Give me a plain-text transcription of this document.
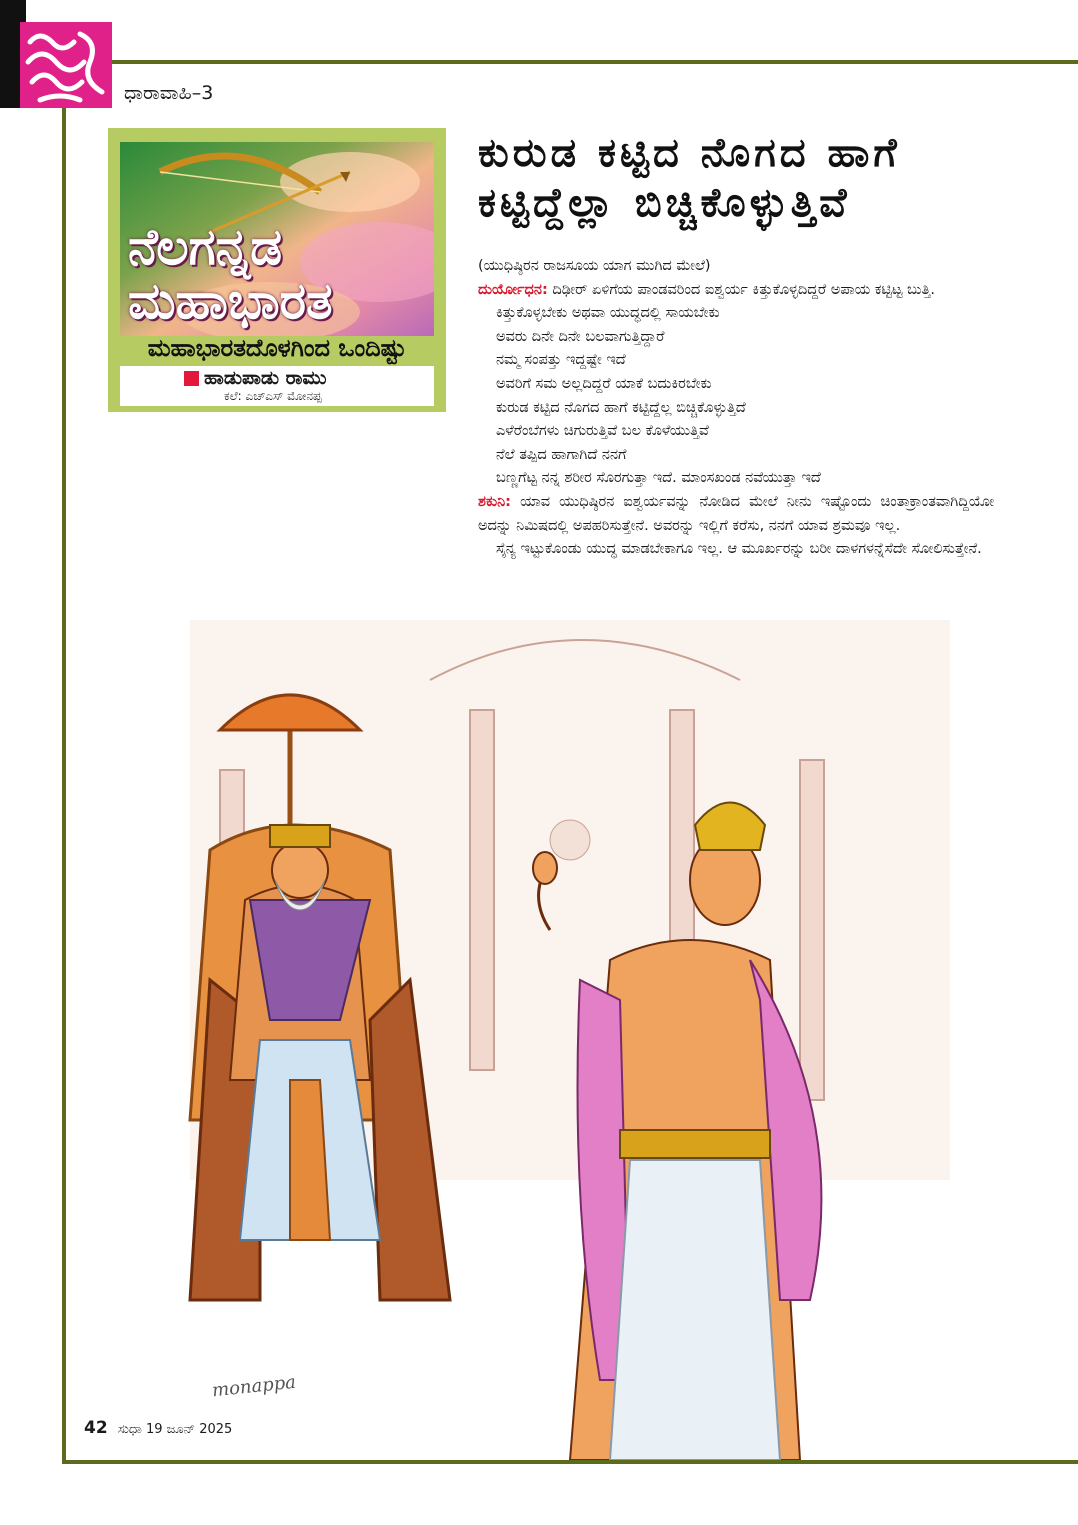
ಧಾರಾವಾಹಿ–3
ನೆಲಗನ್ನಡ
ಮಹಾಭಾರತ
ಮಹಾಭಾರತದೊಳಗಿಂದ ಒಂದಿಷ್ಟು
ಹಾಡುಪಾಡು ರಾಮು
ಕಲೆ: ಎಚ್‌ಎಸ್ ಮೋನಪ್ಪ
ಕುರುಡ ಕಟ್ಟಿದ ನೊಗದ ಹಾಗೆ
ಕಟ್ಟಿದ್ದೆಲ್ಲಾ ಬಿಚ್ಚಿಕೊಳ್ಳುತ್ತಿವೆ

(ಯುಧಿಷ್ಠಿರನ ರಾಜಸೂಯ ಯಾಗ ಮುಗಿದ ಮೇಲೆ)

ದುರ್ಯೋಧನ: ದಿಢೀರ್ ಏಳಿಗೆಯ ಪಾಂಡವರಿಂದ ಐಶ್ವರ್ಯ ಕಿತ್ತುಕೊಳ್ಳದಿದ್ದರೆ ಅಪಾಯ ಕಟ್ಟಿಟ್ಟ ಬುತ್ತಿ.

ಕಿತ್ತುಕೊಳ್ಳಬೇಕು ಅಥವಾ ಯುದ್ಧದಲ್ಲಿ ಸಾಯಬೇಕು

ಅವರು ದಿನೇ ದಿನೇ ಬಲವಾಗುತ್ತಿದ್ದಾರೆ

ನಮ್ಮ ಸಂಪತ್ತು ಇದ್ದಷ್ಟೇ ಇದೆ

ಅವರಿಗೆ ಸಮ ಅಲ್ಲದಿದ್ದರೆ ಯಾಕೆ ಬದುಕಿರಬೇಕು

ಕುರುಡ ಕಟ್ಟಿದ ನೊಗದ ಹಾಗೆ ಕಟ್ಟಿದ್ದೆಲ್ಲ ಬಿಚ್ಚಿಕೊಳ್ಳುತ್ತಿದೆ

ಎಳೆರೆಂಬೆಗಳು ಚಿಗುರುತ್ತಿವೆ ಬಲ ಕೊಳೆಯುತ್ತಿವೆ

ನೆಲೆ ತಪ್ಪಿದ ಹಾಗಾಗಿದೆ ನನಗೆ

ಬಣ್ಣಗೆಟ್ಟ ನನ್ನ ಶರೀರ ಸೊರಗುತ್ತಾ ಇದೆ. ಮಾಂಸಖಂಡ ನವೆಯುತ್ತಾ ಇದೆ

ಶಕುನಿ: ಯಾವ ಯುಧಿಷ್ಠಿರನ ಐಶ್ವರ್ಯವನ್ನು ನೋಡಿದ ಮೇಲೆ ನೀನು ಇಷ್ಟೊಂದು ಚಿಂತಾಕ್ರಾಂತವಾಗಿದ್ದಿಯೋ ಅದನ್ನು ನಿಮಿಷದಲ್ಲಿ ಅಪಹರಿಸುತ್ತೇನೆ. ಅವರನ್ನು ಇಲ್ಲಿಗೆ ಕರೆಸು, ನನಗೆ ಯಾವ ಶ್ರಮವೂ ಇಲ್ಲ.

ಸೈನ್ಯ ಇಟ್ಟುಕೊಂಡು ಯುದ್ಧ ಮಾಡಬೇಕಾಗೂ ಇಲ್ಲ. ಆ ಮೂರ್ಖರನ್ನು ಬರೀ ದಾಳಗಳನ್ನೆಸೆದೇ ಸೋಲಿಸುತ್ತೇನೆ.

monappa
42 ಸುಧಾ 19 ಜೂನ್ 2025
